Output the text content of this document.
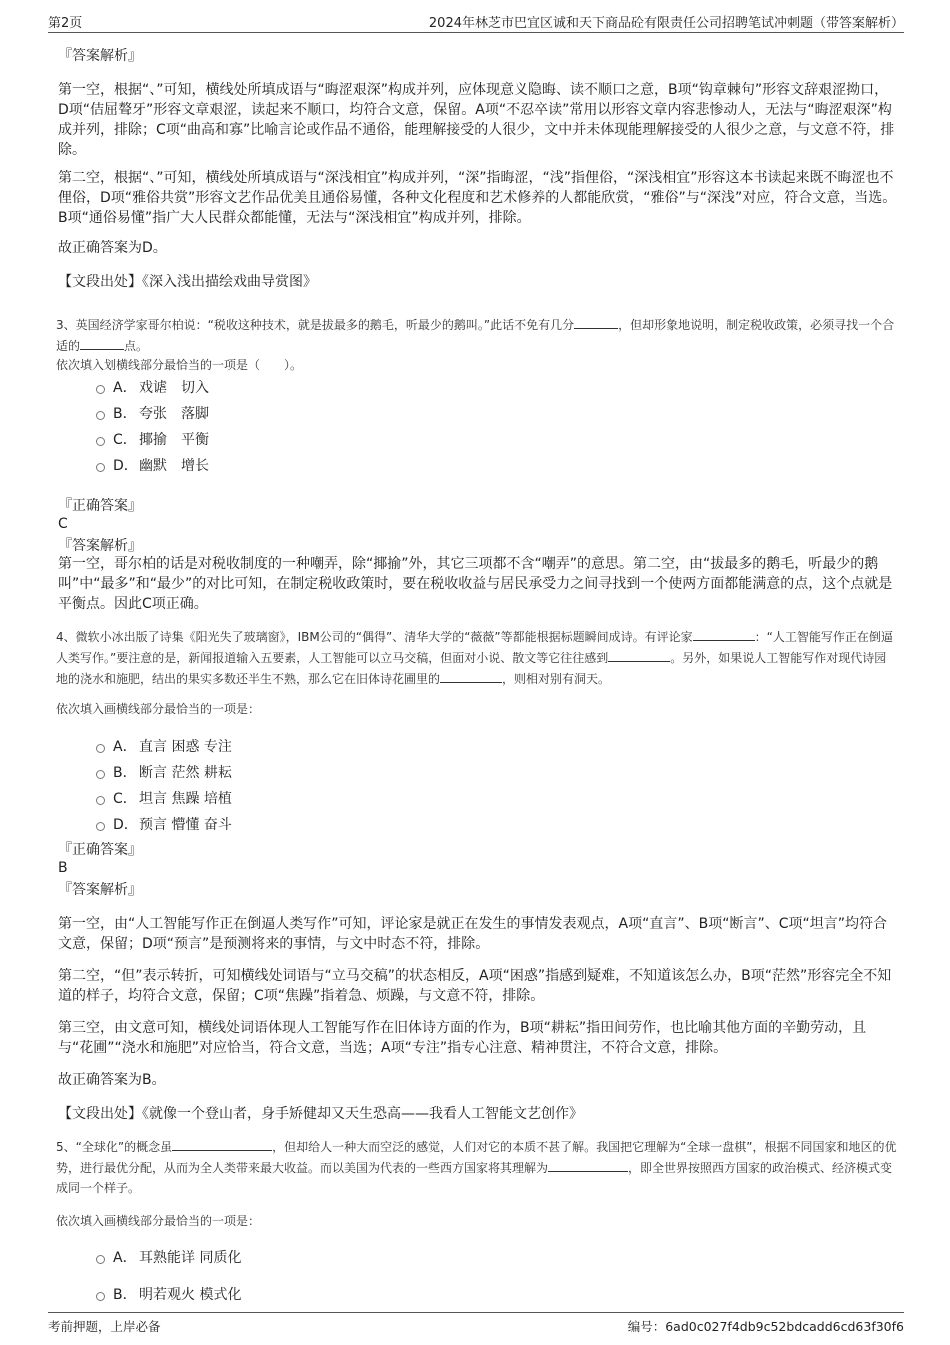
第2页	2024年林芝市巴宜区诚和天下商品砼有限责任公司招聘笔试冲刺题（带答案解析）
『答案解析』

第一空，根据“、”可知，横线处所填成语与“晦涩艰深”构成并列，应体现意义隐晦、读不顺口之意，B项“钩章棘句”形容文辞艰涩拗口，D项“佶屈聱牙”形容文章艰涩，读起来不顺口，均符合文意，保留。A项“不忍卒读”常用以形容文章内容悲惨动人，无法与“晦涩艰深”构成并列，排除；C项“曲高和寡”比喻言论或作品不通俗，能理解接受的人很少，文中并未体现能理解接受的人很少之意，与文意不符，排除。

第二空，根据“、”可知，横线处所填成语与“深浅相宜”构成并列，“深”指晦涩，“浅”指俚俗，“深浅相宜”形容这本书读起来既不晦涩也不俚俗，D项“雅俗共赏”形容文艺作品优美且通俗易懂，各种文化程度和艺术修养的人都能欣赏，“雅俗”与“深浅”对应，符合文意，当选。B项“通俗易懂”指广大人民群众都能懂，无法与“深浅相宜”构成并列，排除。

故正确答案为D。
【文段出处】《深入浅出描绘戏曲导赏图》

3、英国经济学家哥尔柏说：“税收这种技术，就是拔最多的鹅毛，听最少的鹅叫。”此话不免有几分	，但却形象地说明，制定税收政策，必须寻找一个合适的	点。

依次填入划横线部分最恰当的一项是（　　）。
A． 戏谑　切入
B． 夸张　落脚
C． 揶揄　平衡
D． 幽默　增长
『正确答案』
C
『答案解析』

第一空，哥尔柏的话是对税收制度的一种嘲弄，除“揶揄”外，其它三项都不含“嘲弄”的意思。第二空，由“拔最多的鹅毛，听最少的鹅叫”中“最多”和“最少”的对比可知，在制定税收政策时，要在税收收益与居民承受力之间寻找到一个使两方面都能满意的点，这个点就是平衡点。因此C项正确。

4、微软小冰出版了诗集《阳光失了玻璃窗》，IBM公司的“偶得”、清华大学的“薇薇”等都能根据标题瞬间成诗。有评论家	：“人工智能写作正在倒逼人类写作。”要注意的是，新闻报道输入五要素，人工智能可以立马交稿，但面对小说、散文等它往往感到	。另外，如果说人工智能写作对现代诗园地的浇水和施肥，结出的果实多数还半生不熟，那么它在旧体诗花圃里的	，则相对别有洞天。

依次填入画横线部分最恰当的一项是：
A． 直言 困惑 专注
B． 断言 茫然 耕耘
C． 坦言 焦躁 培植
D． 预言 懵懂 奋斗
『正确答案』
B
『答案解析』

第一空，由“人工智能写作正在倒逼人类写作”可知，评论家是就正在发生的事情发表观点，A项“直言”、B项“断言”、C项“坦言”均符合文意，保留；D项“预言”是预测将来的事情，与文中时态不符，排除。

第二空，“但”表示转折，可知横线处词语与“立马交稿”的状态相反，A项“困惑”指感到疑难，不知道该怎么办，B项“茫然”形容完全不知道的样子，均符合文意，保留；C项“焦躁”指着急、烦躁，与文意不符，排除。

第三空，由文意可知，横线处词语体现人工智能写作在旧体诗方面的作为，B项“耕耘”指田间劳作，也比喻其他方面的辛勤劳动，且与“花圃”“浇水和施肥”对应恰当，符合文意，当选；A项“专注”指专心注意、精神贯注，不符合文意，排除。

故正确答案为B。
【文段出处】《就像一个登山者，身手矫健却又天生恐高——我看人工智能文艺创作》

5、“全球化”的概念虽	，但却给人一种大而空泛的感觉，人们对它的本质不甚了解。我国把它理解为“全球一盘棋”，根据不同国家和地区的优势，进行最优分配，从而为全人类带来最大收益。而以美国为代表的一些西方国家将其理解为	，即全世界按照西方国家的政治模式、经济模式变成同一个样子。

依次填入画横线部分最恰当的一项是：
A． 耳熟能详 同质化
B． 明若观火 模式化
考前押题，上岸必备	编号：6ad0c027f4db9c52bdcadd6cd63f30f6
